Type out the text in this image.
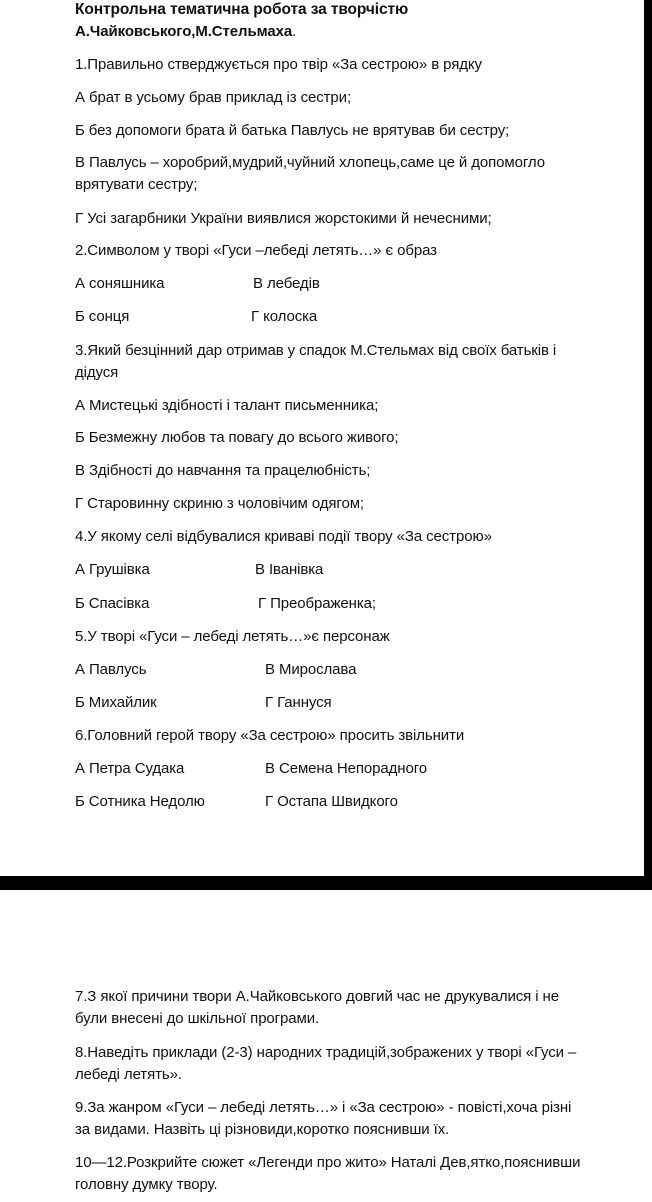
Контрольна тематична робота за творчістю
А.Чайковського,М.Стельмаха.
1.Правильно стверджується про твір «За сестрою» в рядку
А брат в усьому брав приклад із сестри;
Б без допомоги брата й батька Павлусь не врятував би сестру;
В Павлусь – хоробрий,мудрий,чуйний хлопець,саме це й допомогло
врятувати сестру;
Г Усі загарбники України виявлися жорстокими й нечесними;
2.Символом у творі «Гуси –лебеді летять…» є образ
А соняшника	В лебедів
Б сонця	Г колоска
3.Який безцінний дар отримав у спадок М.Стельмах від своїх батьків і
дідуся
А Мистецькі здібності і талант письменника;
Б Безмежну любов та повагу до всього живого;
В Здібності до навчання та працелюбність;
Г Старовинну скриню з чоловічим одягом;
4.У якому селі відбувалися криваві події твору «За сестрою»
А Грушівка	В Іванівка
Б Спасівка	Г Преображенка;
5.У творі «Гуси – лебеді летять…»є персонаж
А Павлусь	В Мирослава
Б Михайлик	Г Ганнуся
6.Головний герой твору «За сестрою» просить звільнити
А Петра Судака	В Семена Непорадного
Б Сотника Недолю	Г Остапа Швидкого
7.З якої причини твори А.Чайковського довгий час не друкувалися і не
були внесені до шкільної програми.
8.Наведіть приклади (2-3) народних традицій,зображених у творі «Гуси –
лебеді летять».
9.За жанром «Гуси – лебеді летять…» і «За сестрою» - повісті,хоча різні
за видами. Назвіть ці різновиди,коротко пояснивши їх.
10—12.Розкрийте сюжет «Легенди про жито» Наталі Дев,ятко,пояснивши
головну думку твору.
